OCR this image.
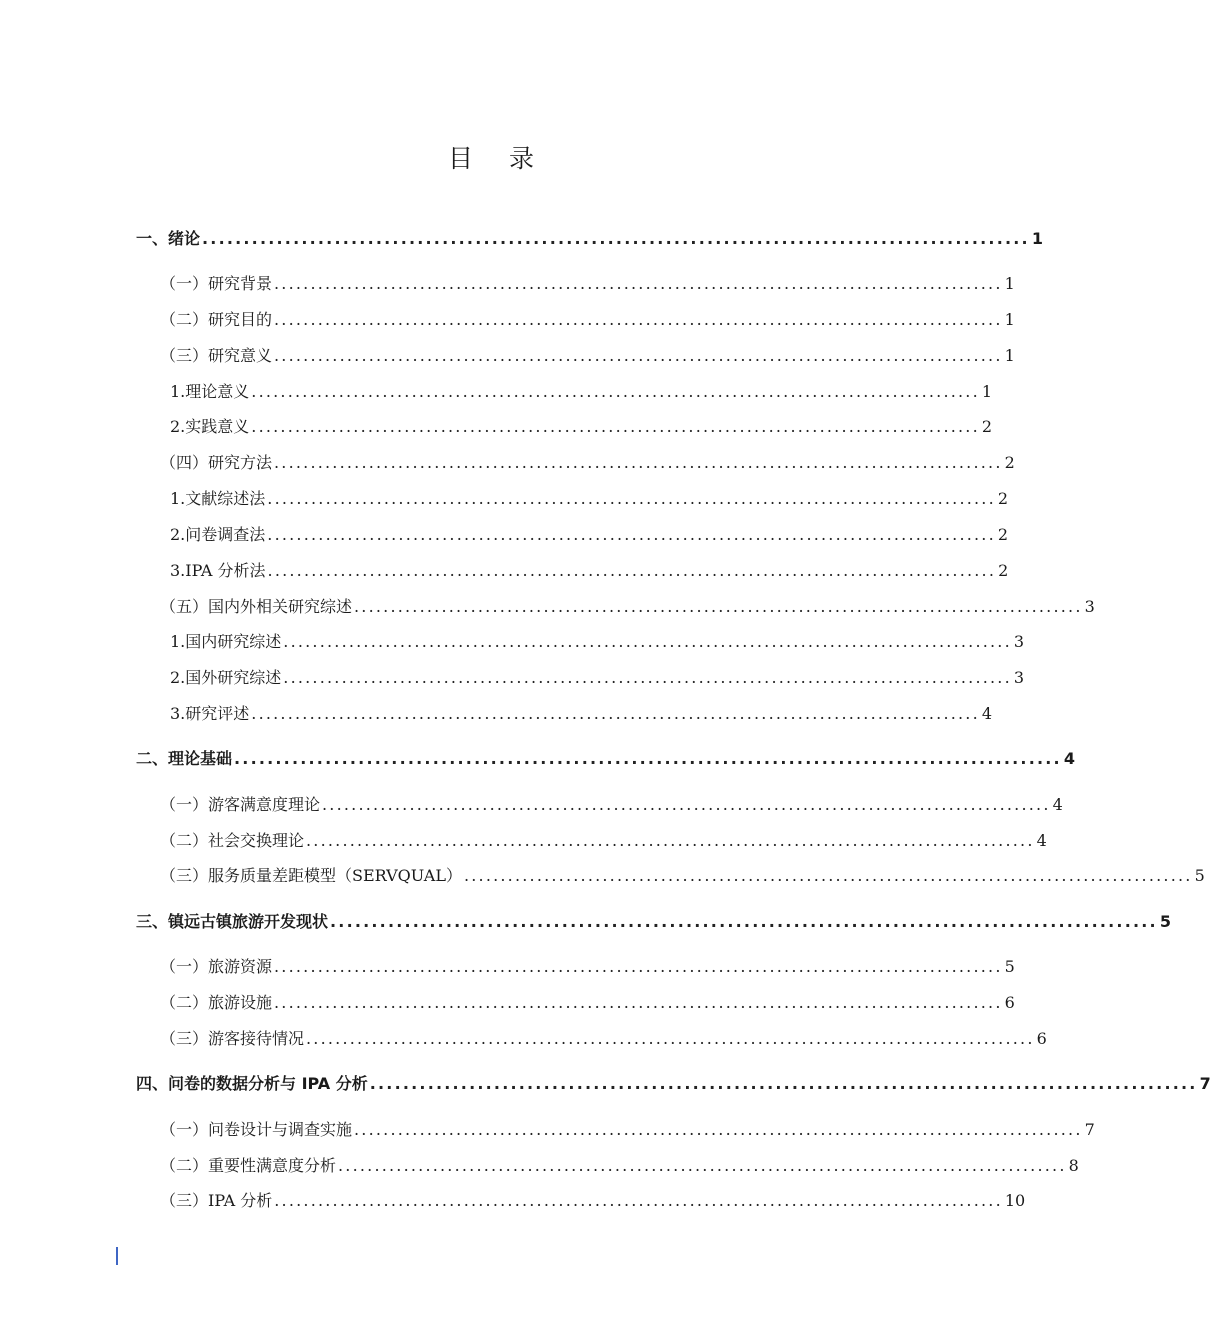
目 录
一、绪论 .................................................................................................... 1
（一）研究背景 .................................................................................................... 1
（二）研究目的 .................................................................................................... 1
（三）研究意义 .................................................................................................... 1
1.理论意义 .................................................................................................... 1
2.实践意义 .................................................................................................... 2
（四）研究方法 .................................................................................................... 2
1.文献综述法 .................................................................................................... 2
2.问卷调查法 .................................................................................................... 2
3.IPA 分析法 .................................................................................................... 2
（五）国内外相关研究综述 .................................................................................................... 3
1.国内研究综述 .................................................................................................... 3
2.国外研究综述 .................................................................................................... 3
3.研究评述 .................................................................................................... 4
二、理论基础 .................................................................................................... 4
（一）游客满意度理论 .................................................................................................... 4
（二）社会交换理论 .................................................................................................... 4
（三）服务质量差距模型（SERVQUAL） .................................................................................................... 5
三、镇远古镇旅游开发现状 .................................................................................................... 5
（一）旅游资源 .................................................................................................... 5
（二）旅游设施 .................................................................................................... 6
（三）游客接待情况 .................................................................................................... 6
四、问卷的数据分析与 IPA 分析 .................................................................................................... 7
（一）问卷设计与调查实施 .................................................................................................... 7
（二）重要性满意度分析 .................................................................................................... 8
（三）IPA 分析 .................................................................................................... 10
